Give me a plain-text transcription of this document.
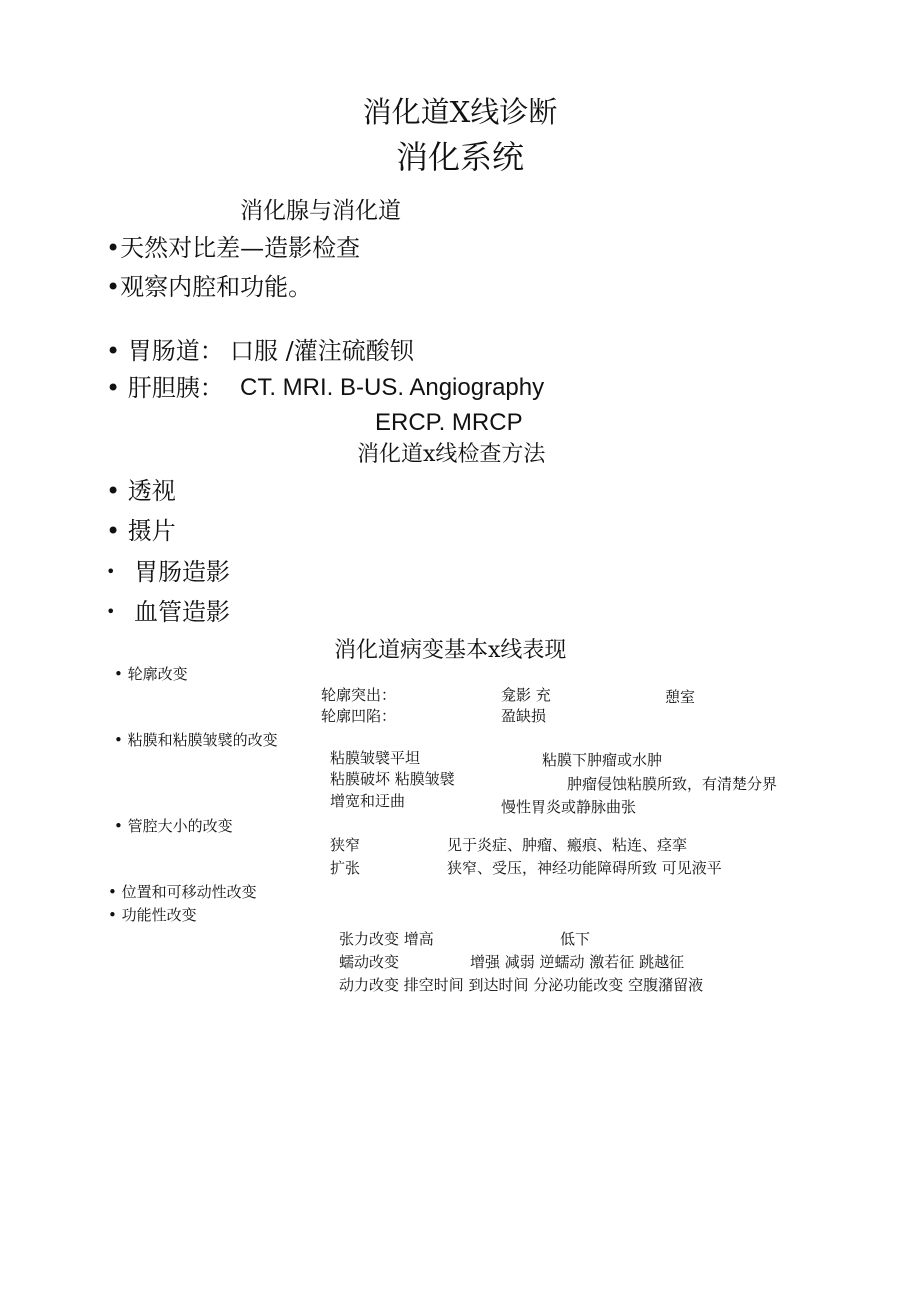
消化道X线诊断
消化系统
消化腺与消化道
•天然对比差—造影检查
•观察内腔和功能。
• 胃肠道： 口服 /灌注硫酸钡
• 肝胆胰： CT. MRI. B-US. Angiography
ERCP. MRCP
消化道x线检查方法
• 透视
• 摄片
• 胃肠造影
• 血管造影
消化道病变基本x线表现
• 轮廓改变
轮廓突出：	龛影 充	憩室
轮廓凹陷：	盈缺损
• 粘膜和粘膜皱襞的改变
粘膜皱襞平坦	粘膜下肿瘤或水肿
粘膜破坏 粘膜皱襞	肿瘤侵蚀粘膜所致，有清楚分界
增宽和迂曲	慢性胃炎或静脉曲张
• 管腔大小的改变
狭窄	见于炎症、肿瘤、瘢痕、粘连、痉挛
扩张	狭窄、受压，神经功能障碍所致 可见液平
• 位置和可移动性改变
• 功能性改变
张力改变 增高	低下
蠕动改变	增强 减弱 逆蠕动 激若征 跳越征
动力改变 排空时间 到达时间 分泌功能改变 空腹潴留液
